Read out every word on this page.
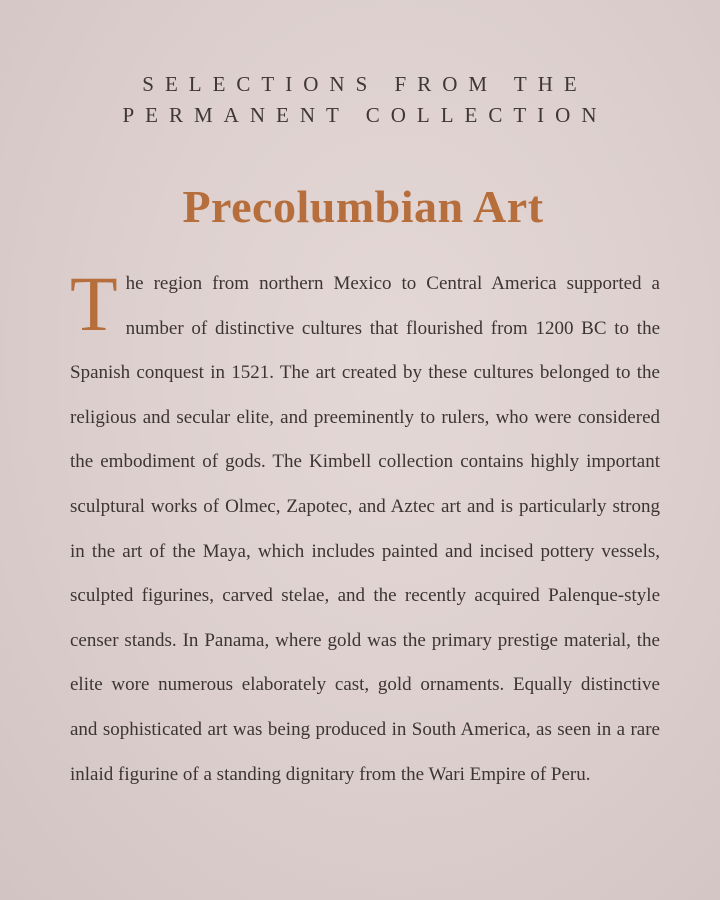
SELECTIONS FROM THE

PERMANENT COLLECTION

Precolumbian Art

The region from northern Mexico to Central America supported a number of distinctive cultures that flourished from 1200 BC to the Spanish conquest in 1521. The art created by these cultures belonged to the religious and secular elite, and preeminently to rulers, who were considered the embodiment of gods. The Kimbell collection contains highly important sculptural works of Olmec, Zapotec, and Aztec art and is particularly strong in the art of the Maya, which includes painted and incised pottery vessels, sculpted figurines, carved stelae, and the recently acquired Palenque-style censer stands. In Panama, where gold was the primary prestige material, the elite wore numerous elaborately cast, gold ornaments. Equally distinctive and sophisticated art was being produced in South America, as seen in a rare inlaid figurine of a standing dignitary from the Wari Empire of Peru.
